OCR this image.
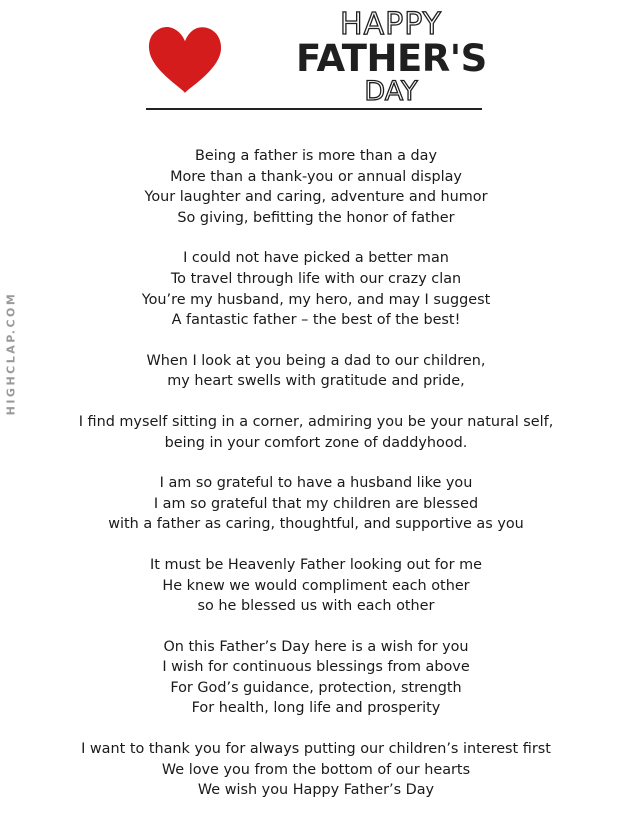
HAPPY
FATHER'S
DAY
HIGHCLAP.COM
Being a father is more than a day
More than a thank-you or annual display
Your laughter and caring, adventure and humor
So giving, befitting the honor of father
I could not have picked a better man
To travel through life with our crazy clan
You’re my husband, my hero, and may I suggest
A fantastic father – the best of the best!
When I look at you being a dad to our children,
my heart swells with gratitude and pride,
I find myself sitting in a corner, admiring you be your natural self,
being in your comfort zone of daddyhood.
I am so grateful to have a husband like you
I am so grateful that my children are blessed
with a father as caring, thoughtful, and supportive as you
It must be Heavenly Father looking out for me
He knew we would compliment each other
so he blessed us with each other
On this Father’s Day here is a wish for you
I wish for continuous blessings from above
For God’s guidance, protection, strength
For health, long life and prosperity
I want to thank you for always putting our children’s interest first
We love you from the bottom of our hearts
We wish you Happy Father’s Day
